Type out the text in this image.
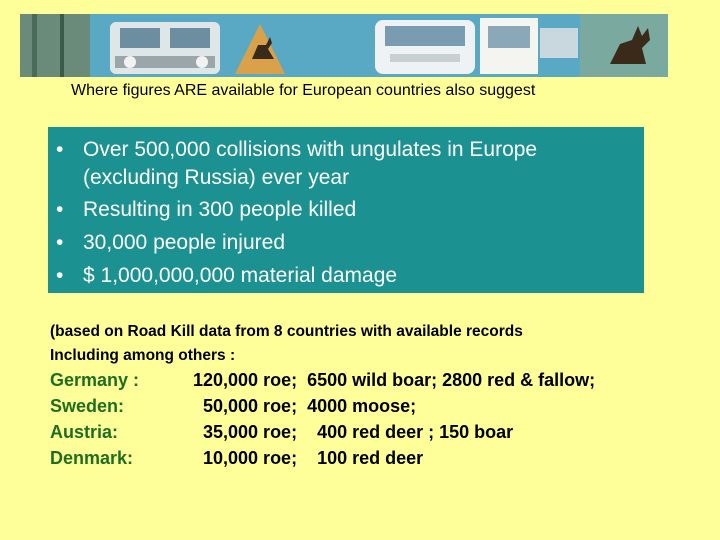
Where figures ARE available for European countries also suggest
• Over 500,000 collisions with ungulates in Europe
(excluding Russia) ever year
• Resulting in 300 people killed
• 30,000 people injured
• $ 1,000,000,000 material damage
(based on Road Kill data from 8 countries with available records
Including among others :
Germany :	120,000 roe;  6500 wild boar; 2800 red & fallow;
Sweden:	50,000 roe;  4000 moose;
Austria:	35,000 roe;    400 red deer ; 150 boar
Denmark:	10,000 roe;    100 red deer
